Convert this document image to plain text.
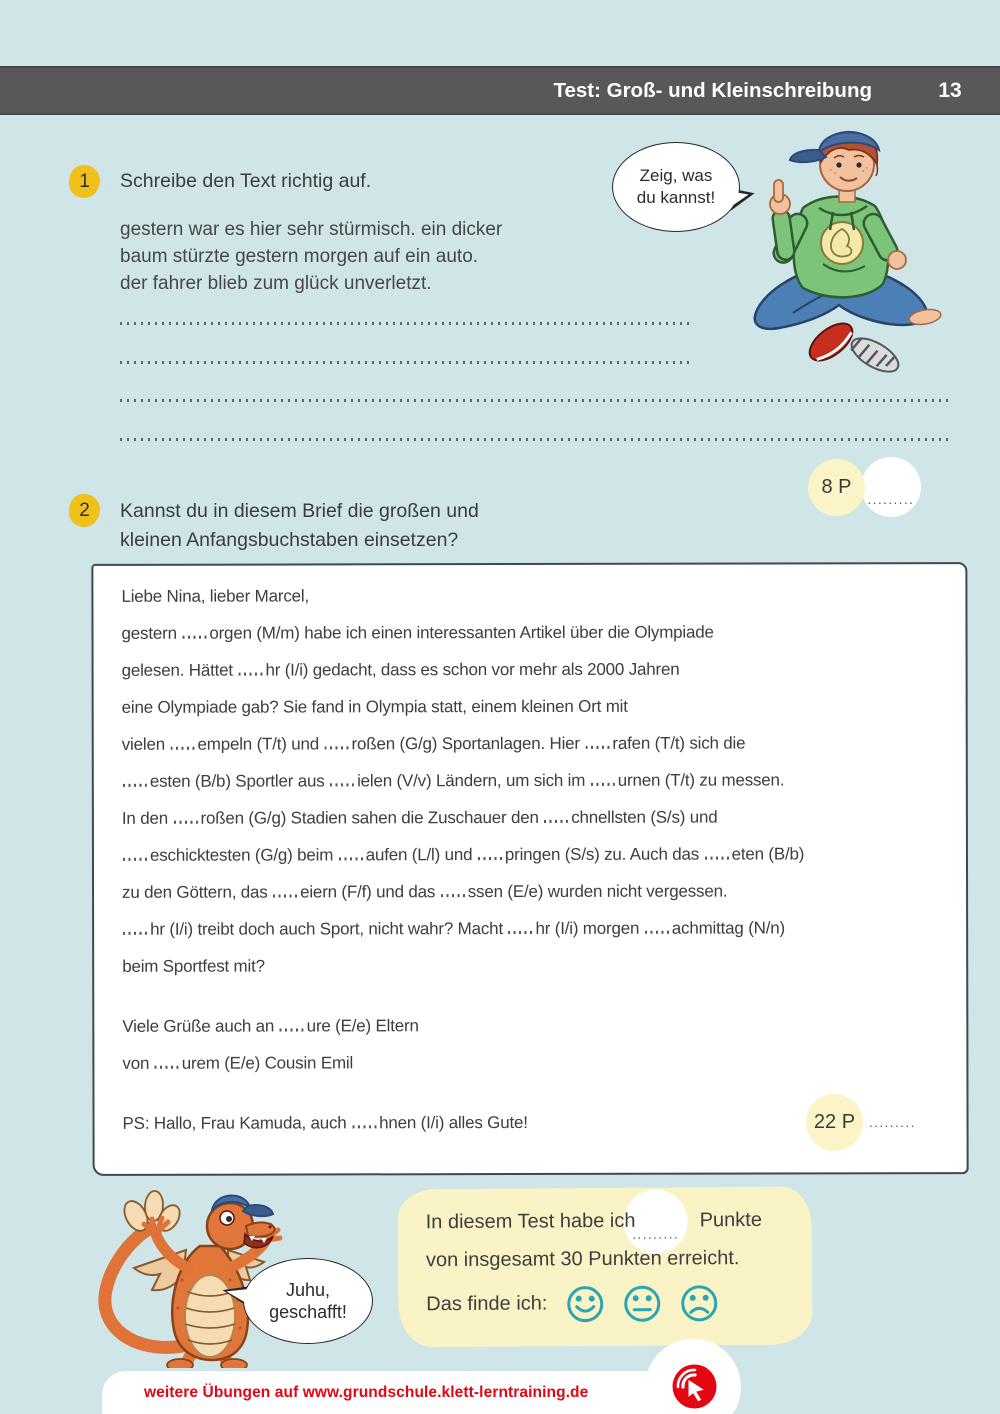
Test: Groß- und Kleinschreibung	13
1	Schreibe den Text richtig auf.
gestern war es hier sehr stürmisch. ein dicker
baum stürzte gestern morgen auf ein auto.
der fahrer blieb zum glück unverletzt.
Zeig, was
du kannst!
8 P
.........
2	Kannst du in diesem Brief die großen und
kleinen Anfangsbuchstaben einsetzen?
Liebe Nina, lieber Marcel,
gestern orgen (M/m) habe ich einen interessanten Artikel über die Olympiade
gelesen. Hättet hr (I/i) gedacht, dass es schon vor mehr als 2000 Jahren
eine Olympiade gab? Sie fand in Olympia statt, einem kleinen Ort mit
vielen empeln (T/t) und roßen (G/g) Sportanlagen. Hier rafen (T/t) sich die
esten (B/b) Sportler aus ielen (V/v) Ländern, um sich im urnen (T/t) zu messen.
In den roßen (G/g) Stadien sahen die Zuschauer den chnellsten (S/s) und
eschicktesten (G/g) beim aufen (L/l) und pringen (S/s) zu. Auch das eten (B/b)
zu den Göttern, das eiern (F/f) und das ssen (E/e) wurden nicht vergessen.
hr (I/i) treibt doch auch Sport, nicht wahr? Macht hr (I/i) morgen achmittag (N/n)
beim Sportfest mit?
Viele Grüße auch an ure (E/e) Eltern
von urem (E/e) Cousin Emil
PS: Hallo, Frau Kamuda, auch hnen (I/i) alles Gute!	22 P	.........
Juhu,
geschafft!
.........
In diesem Test habe ich	Punkte
von insgesamt 30 Punkten erreicht.
Das finde ich:
weitere Übungen auf www.grundschule.klett-lerntraining.de
